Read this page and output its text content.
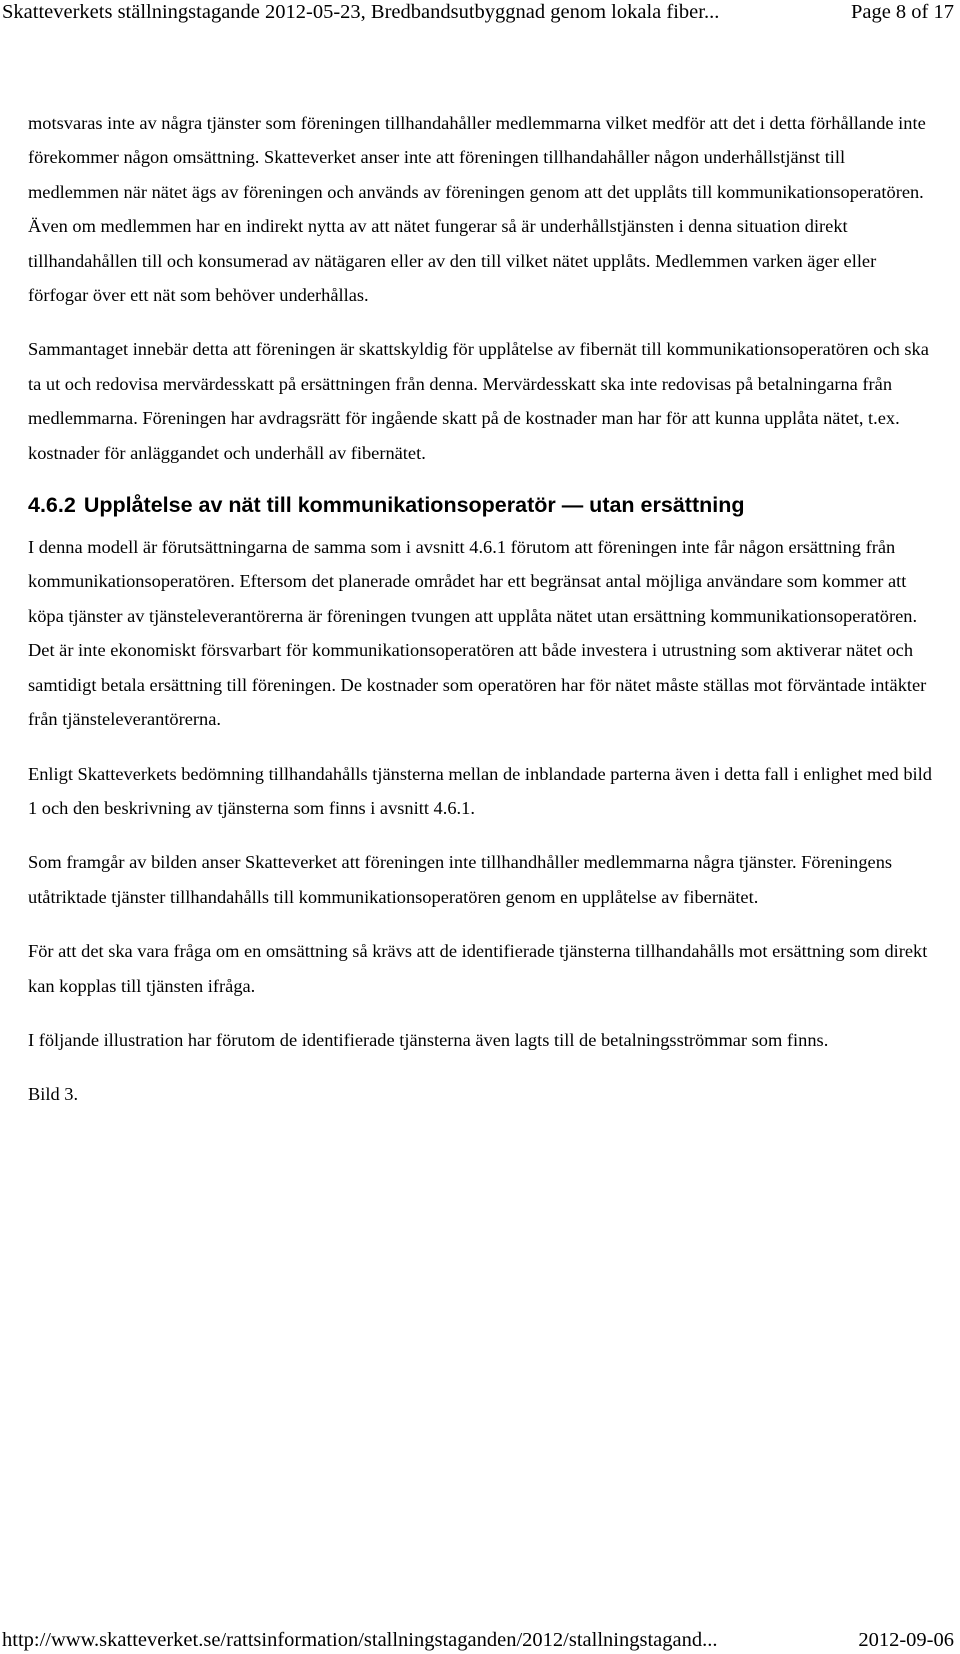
Skatteverkets ställningstagande 2012-05-23, Bredbandsutbyggnad genom lokala fiber...	Page 8 of 17

motsvaras inte av några tjänster som föreningen tillhandahåller medlemmarna vilket medför att det i detta förhållande inte förekommer någon omsättning. Skatteverket anser inte att föreningen tillhandahåller någon underhållstjänst till medlemmen när nätet ägs av föreningen och används av föreningen genom att det upplåts till kommunikationsoperatören. Även om medlemmen har en indirekt nytta av att nätet fungerar så är underhållstjänsten i denna situation direkt tillhandahållen till och konsumerad av nätägaren eller av den till vilket nätet upplåts. Medlemmen varken äger eller förfogar över ett nät som behöver underhållas.

Sammantaget innebär detta att föreningen är skattskyldig för upplåtelse av fibernät till kommunikationsoperatören och ska ta ut och redovisa mervärdesskatt på ersättningen från denna. Mervärdesskatt ska inte redovisas på betalningarna från medlemmarna. Föreningen har avdragsrätt för ingående skatt på de kostnader man har för att kunna upplåta nätet, t.ex. kostnader för anläggandet och underhåll av fibernätet.

4.6.2 Upplåtelse av nät till kommunikationsoperatör — utan ersättning

I denna modell är förutsättningarna de samma som i avsnitt 4.6.1 förutom att föreningen inte får någon ersättning från kommunikationsoperatören. Eftersom det planerade området har ett begränsat antal möjliga användare som kommer att köpa tjänster av tjänsteleverantörerna är föreningen tvungen att upplåta nätet utan ersättning kommunikationsoperatören. Det är inte ekonomiskt försvarbart för kommunikationsoperatören att både investera i utrustning som aktiverar nätet och samtidigt betala ersättning till föreningen. De kostnader som operatören har för nätet måste ställas mot förväntade intäkter från tjänsteleverantörerna.

Enligt Skatteverkets bedömning tillhandahålls tjänsterna mellan de inblandade parterna även i detta fall i enlighet med bild 1 och den beskrivning av tjänsterna som finns i avsnitt 4.6.1.

Som framgår av bilden anser Skatteverket att föreningen inte tillhandhåller medlemmarna några tjänster. Föreningens utåtriktade tjänster tillhandahålls till kommunikationsoperatören genom en upplåtelse av fibernätet.

För att det ska vara fråga om en omsättning så krävs att de identifierade tjänsterna tillhandahålls mot ersättning som direkt kan kopplas till tjänsten ifråga.

I följande illustration har förutom de identifierade tjänsterna även lagts till de betalningsströmmar som finns.

Bild 3.

http://www.skatteverket.se/rattsinformation/stallningstaganden/2012/stallningstagand...	2012-09-06
